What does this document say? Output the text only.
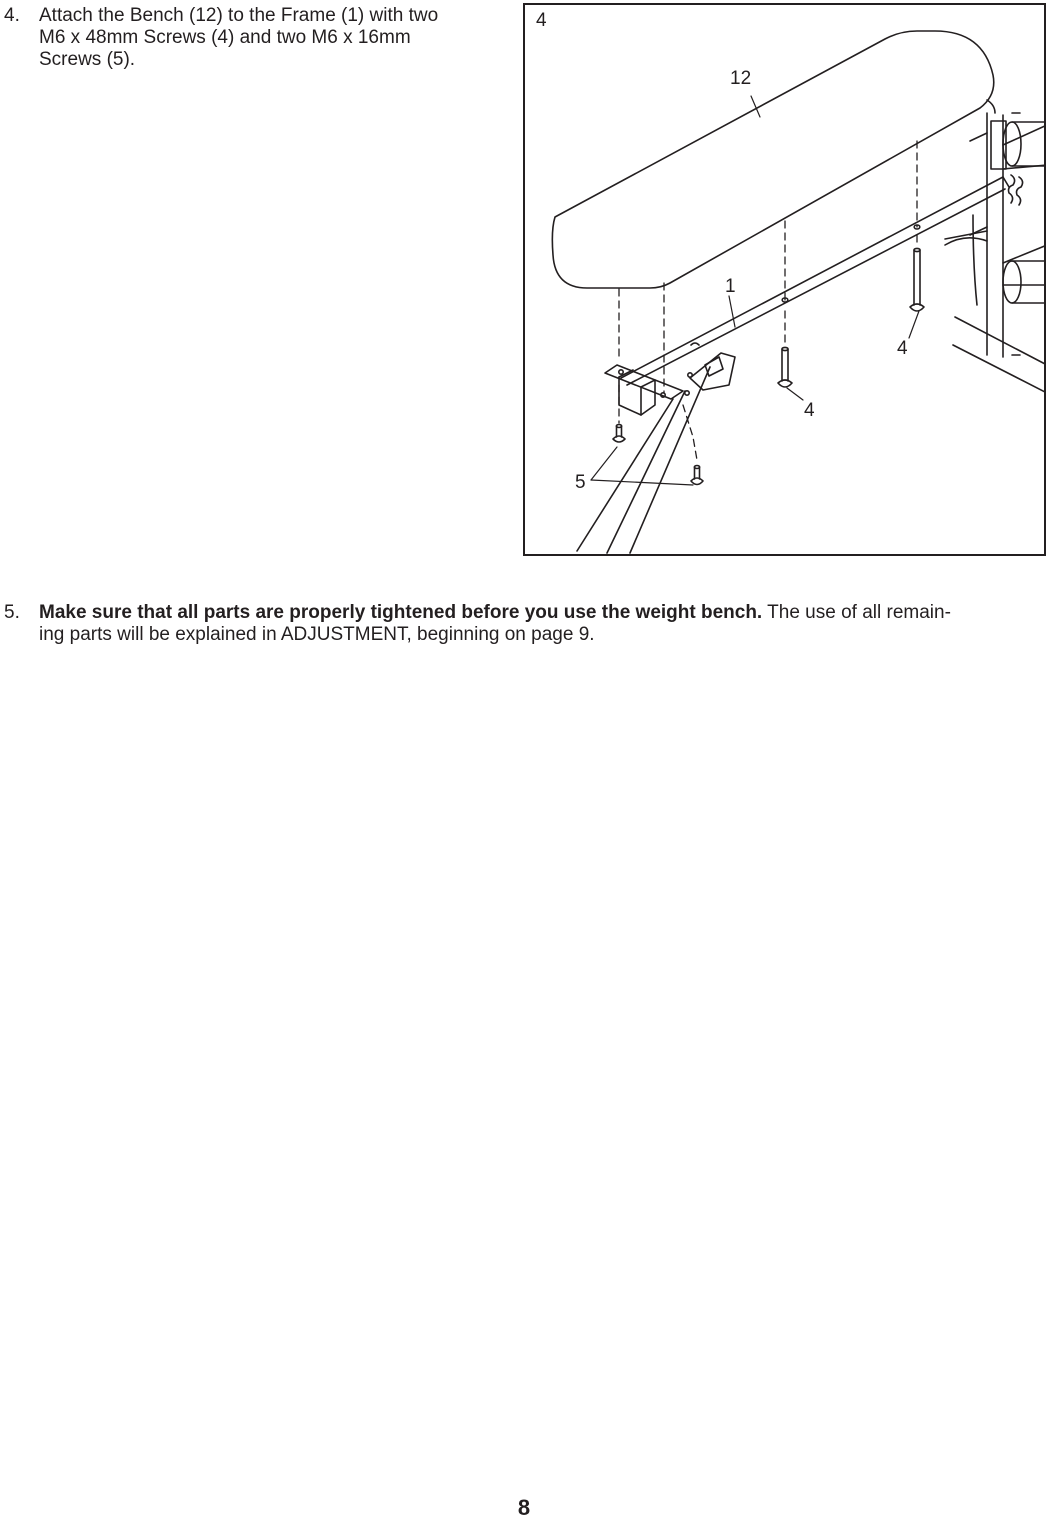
4. Attach the Bench (12) to the Frame (1) with two
M6 x 48mm Screws (4) and two M6 x 16mm
Screws (5).
4
12
1
4
4
5
5. Make sure that all parts are properly tightened before you use the weight bench. The use of all remain-
ing parts will be explained in ADJUSTMENT, beginning on page 9.
8
